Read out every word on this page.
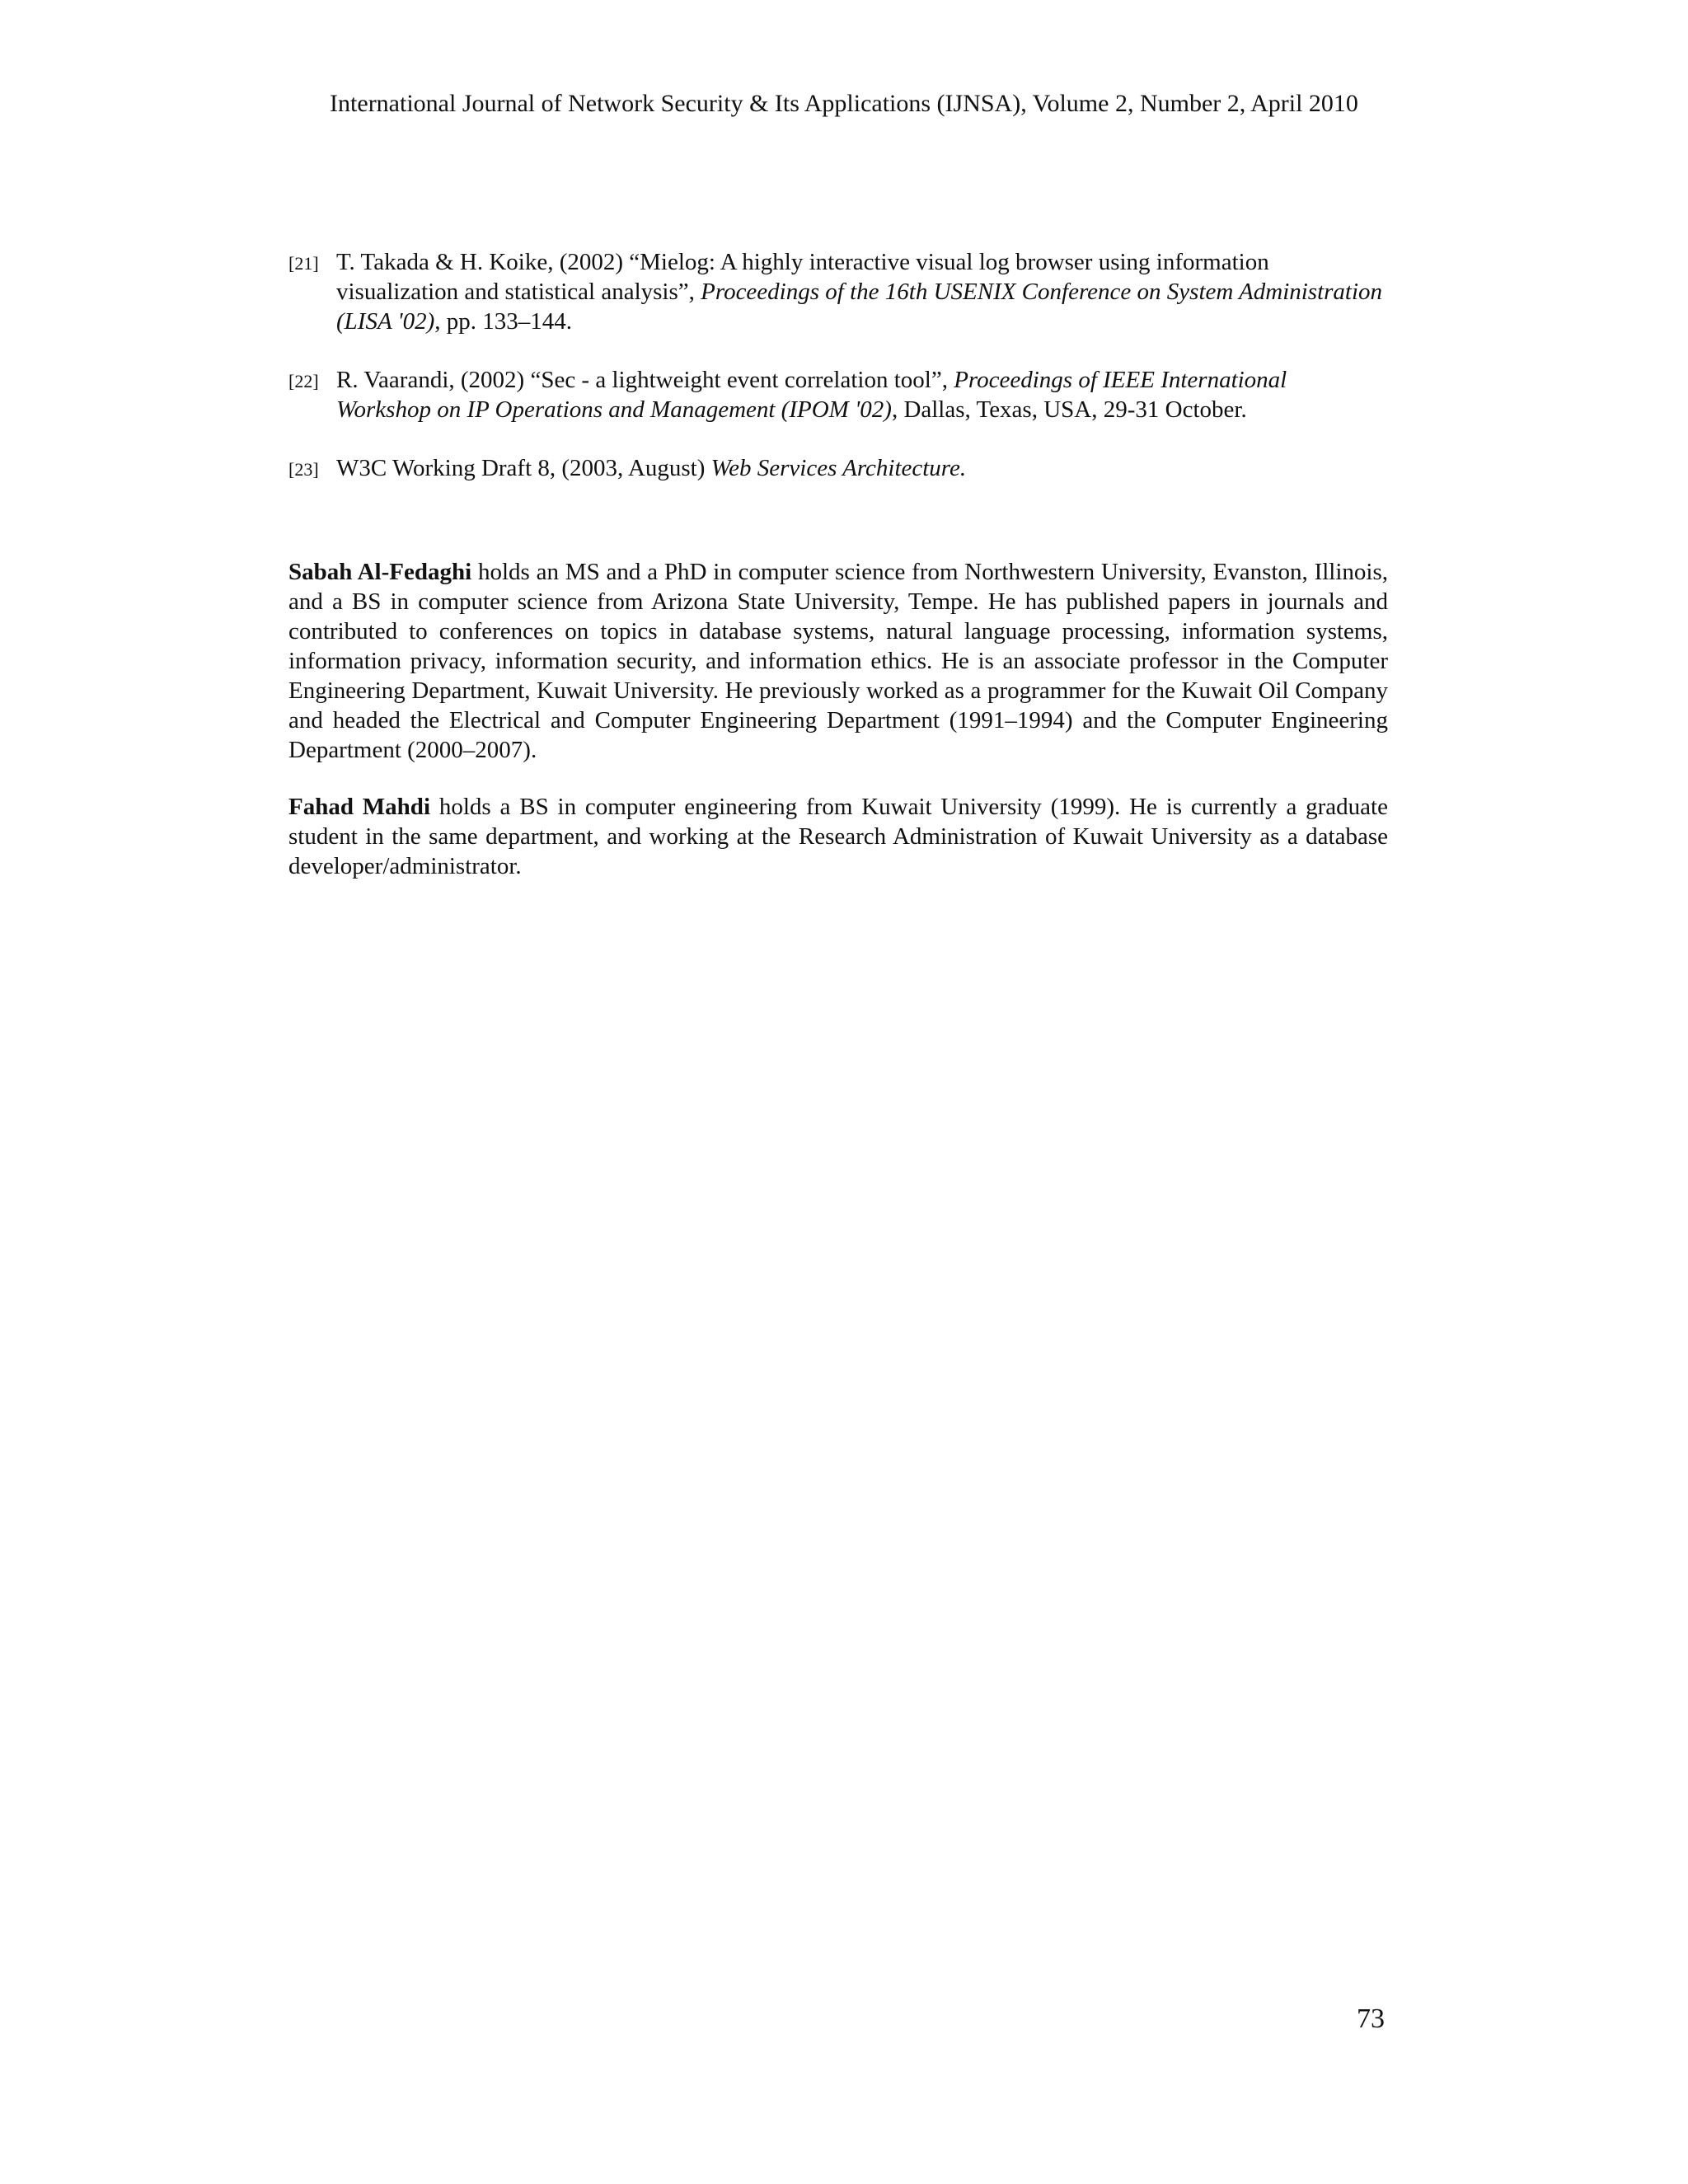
International Journal of Network Security & Its Applications (IJNSA), Volume 2, Number 2, April 2010
[21] T. Takada & H. Koike, (2002) “Mielog: A highly interactive visual log browser using information visualization and statistical analysis”, Proceedings of the 16th USENIX Conference on System Administration (LISA '02), pp. 133–144.
[22] R. Vaarandi, (2002) “Sec - a lightweight event correlation tool”, Proceedings of IEEE International Workshop on IP Operations and Management (IPOM '02), Dallas, Texas, USA, 29-31 October.
[23] W3C Working Draft 8, (2003, August) Web Services Architecture.

Sabah Al-Fedaghi holds an MS and a PhD in computer science from Northwestern University, Evanston, Illinois, and a BS in computer science from Arizona State University, Tempe. He has published papers in journals and contributed to conferences on topics in database systems, natural language processing, information systems, information privacy, information security, and information ethics. He is an associate professor in the Computer Engineering Department, Kuwait University. He previously worked as a programmer for the Kuwait Oil Company and headed the Electrical and Computer Engineering Department (1991–1994) and the Computer Engineering Department (2000–2007).

Fahad Mahdi holds a BS in computer engineering from Kuwait University (1999). He is currently a graduate student in the same department, and working at the Research Administration of Kuwait University as a database developer/administrator.

73
